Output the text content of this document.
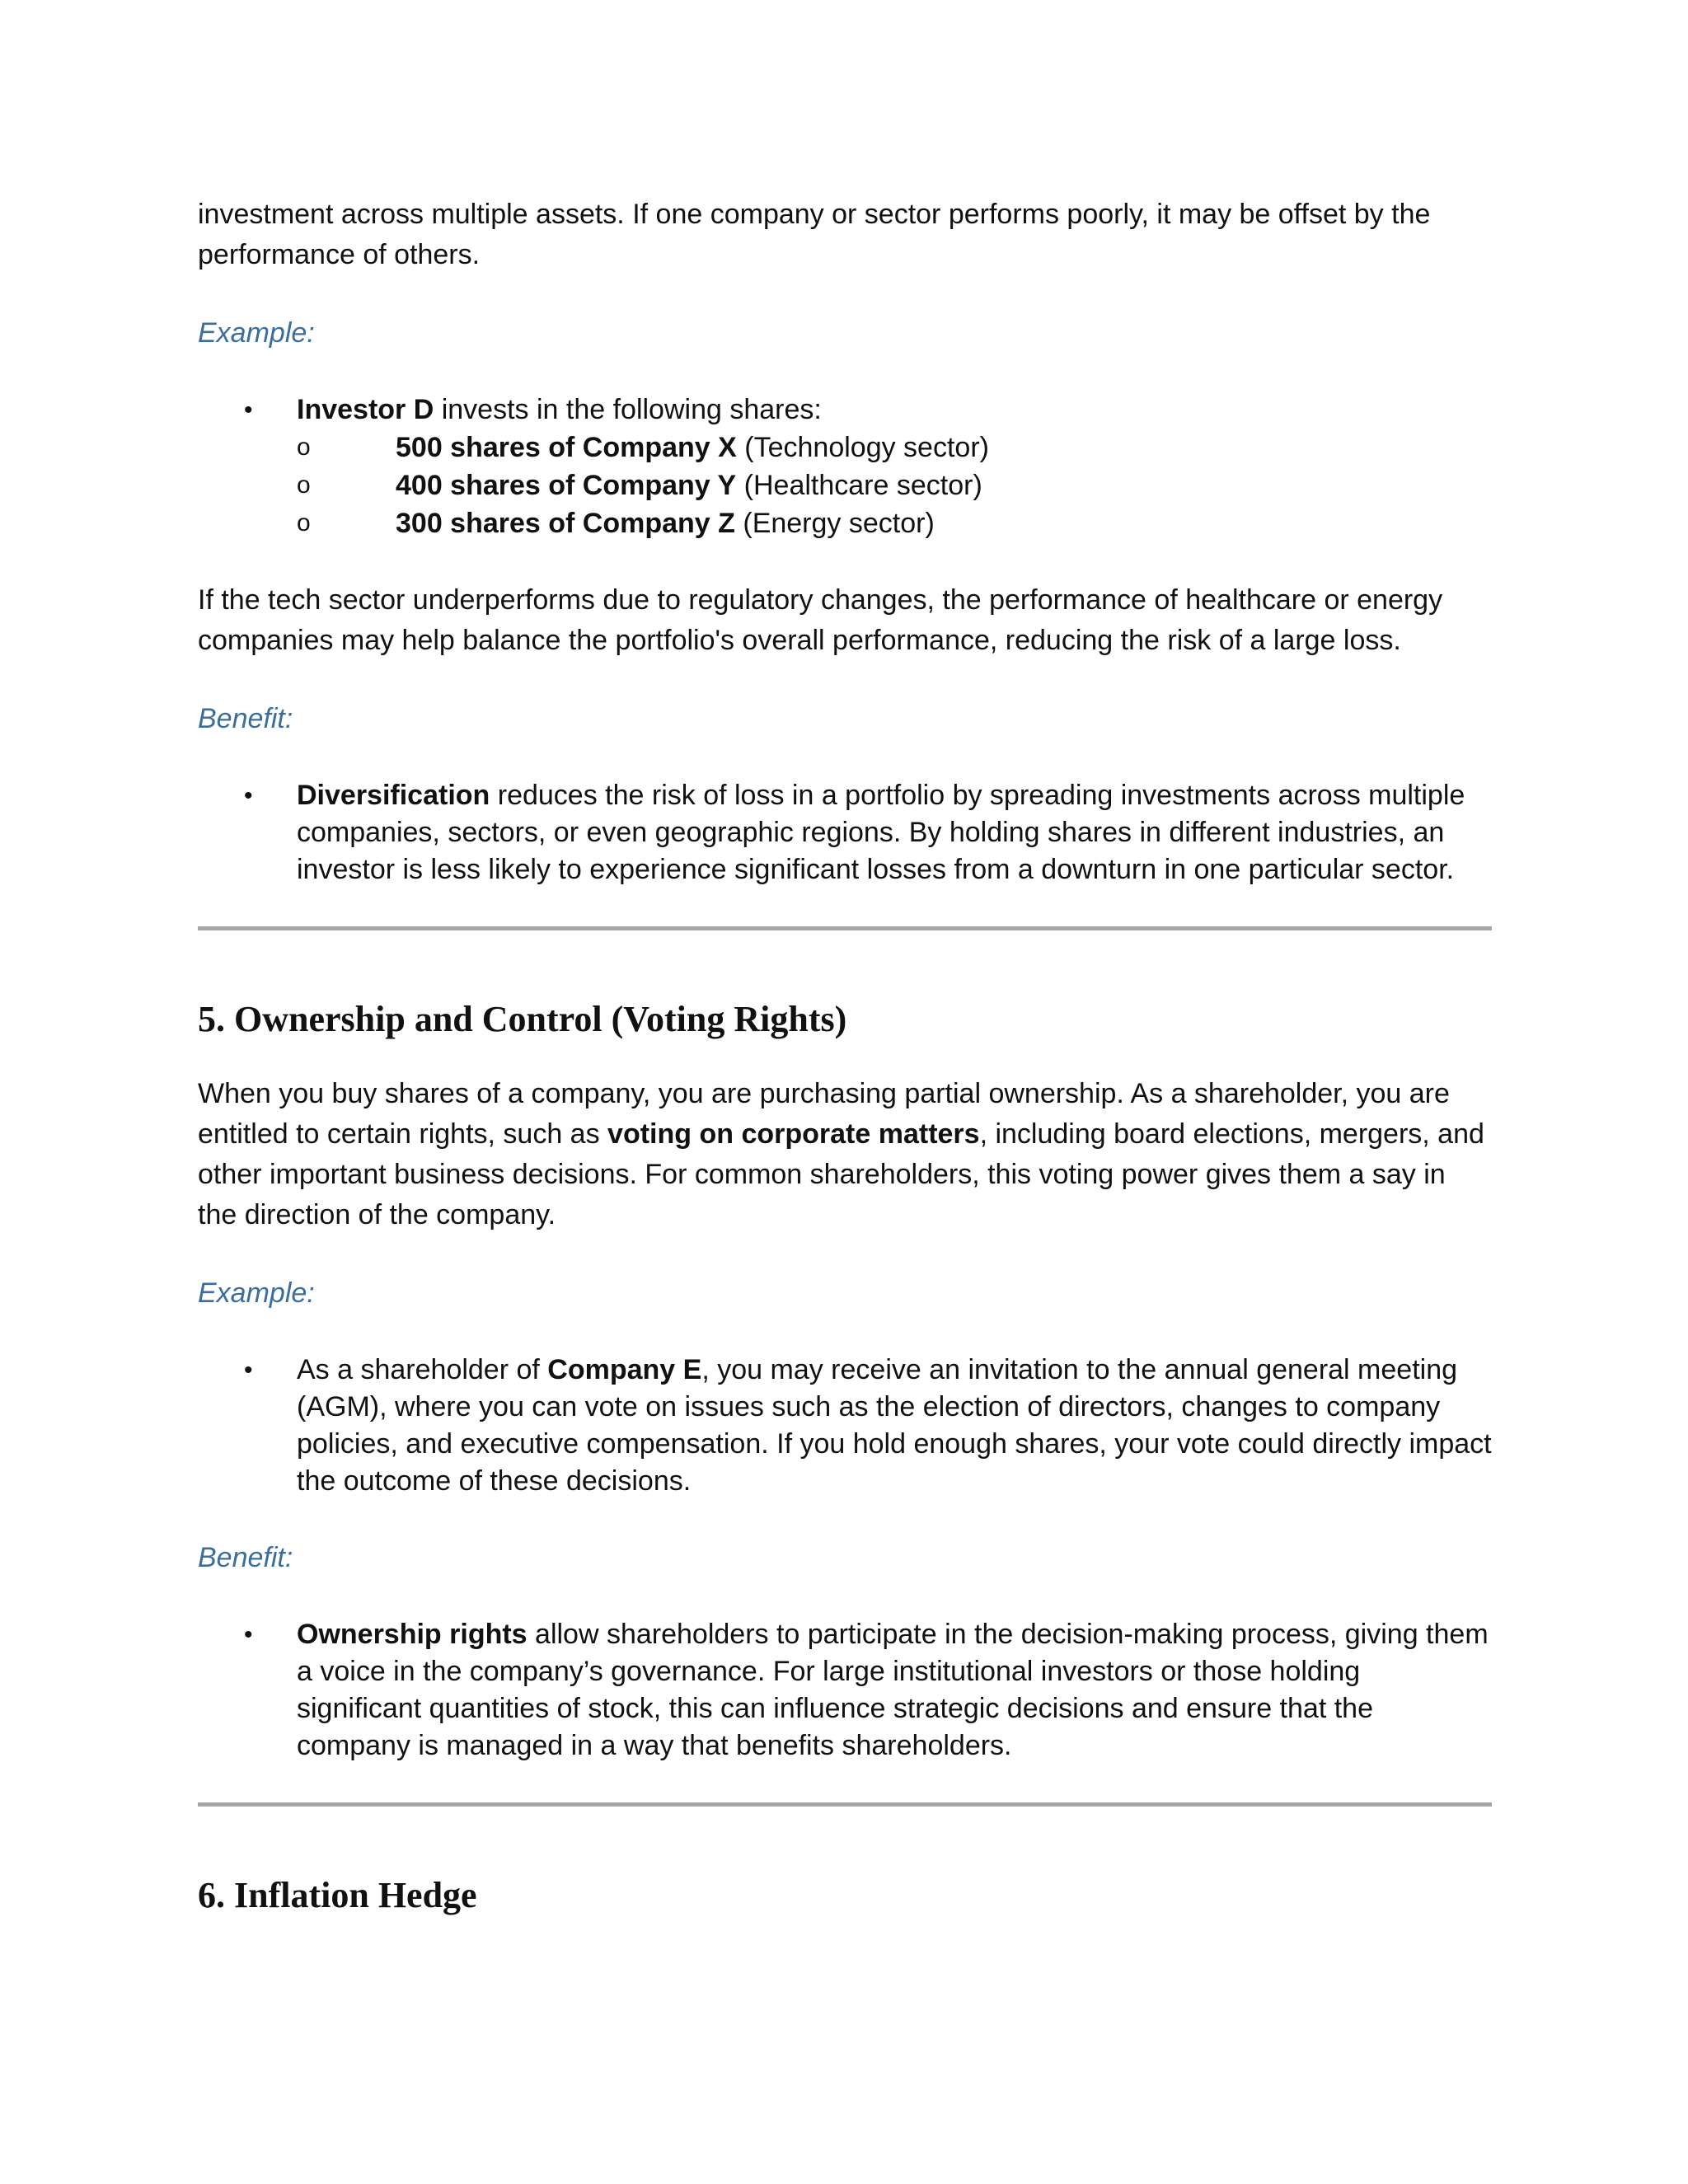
investment across multiple assets. If one company or sector performs poorly, it may be offset by the performance of others.

Example:

• Investor D invests in the following shares:
o	500 shares of Company X (Technology sector)
o	400 shares of Company Y (Healthcare sector)
o	300 shares of Company Z (Energy sector)

If the tech sector underperforms due to regulatory changes, the performance of healthcare or energy companies may help balance the portfolio's overall performance, reducing the risk of a large loss.

Benefit:

• Diversification reduces the risk of loss in a portfolio by spreading investments across multiple companies, sectors, or even geographic regions. By holding shares in different industries, an investor is less likely to experience significant losses from a downturn in one particular sector.
5. Ownership and Control (Voting Rights)

When you buy shares of a company, you are purchasing partial ownership. As a shareholder, you are entitled to certain rights, such as voting on corporate matters, including board elections, mergers, and other important business decisions. For common shareholders, this voting power gives them a say in the direction of the company.

Example:

• As a shareholder of Company E, you may receive an invitation to the annual general meeting (AGM), where you can vote on issues such as the election of directors, changes to company policies, and executive compensation. If you hold enough shares, your vote could directly impact the outcome of these decisions.

Benefit:

• Ownership rights allow shareholders to participate in the decision-making process, giving them a voice in the company’s governance. For large institutional investors or those holding significant quantities of stock, this can influence strategic decisions and ensure that the company is managed in a way that benefits shareholders.
6. Inflation Hedge
